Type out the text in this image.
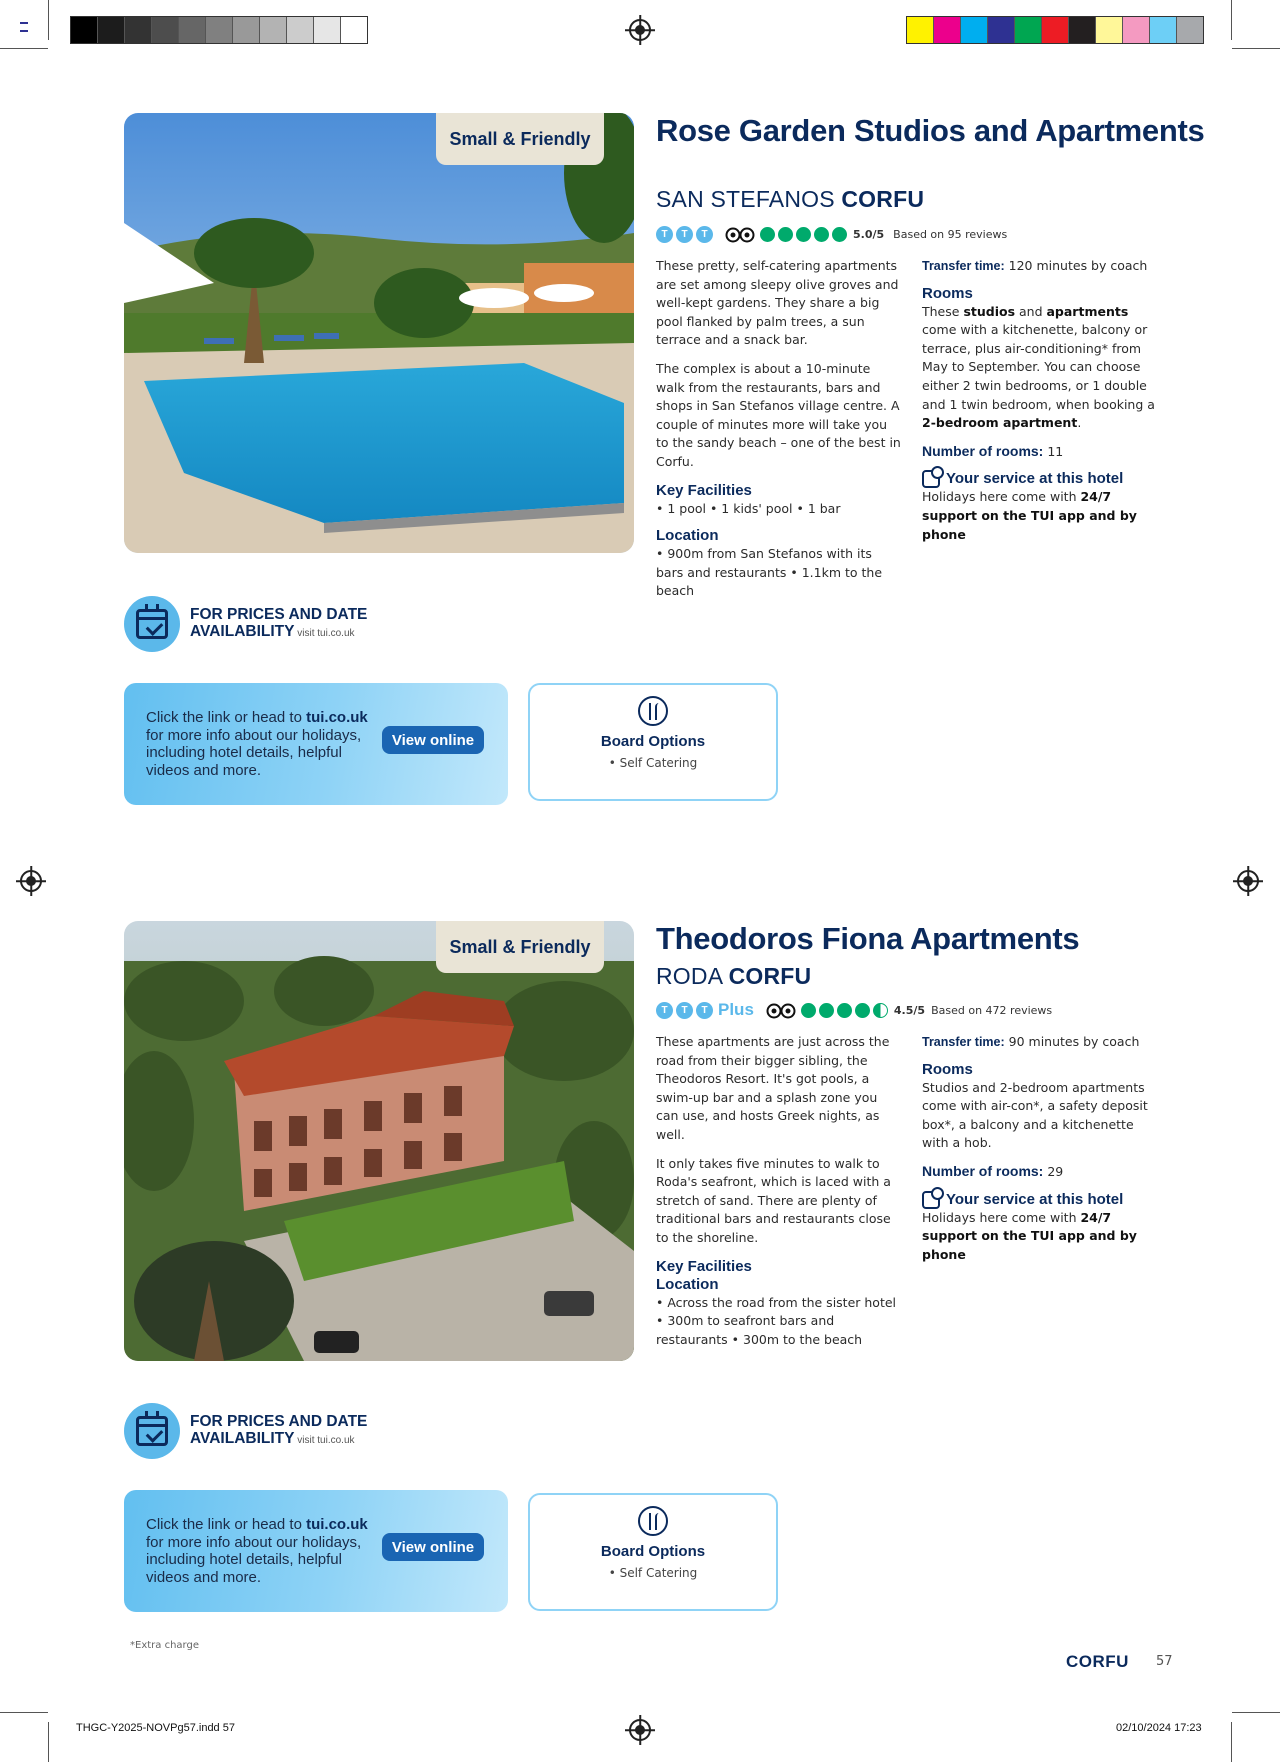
Small & Friendly	Rose Garden Studios and Apartments
SAN STEFANOS CORFU
T	T	T	5.0/5 Based on 95 reviews

These pretty, self-catering apartments are set among sleepy olive groves and well-kept gardens. They share a big pool flanked by palm trees, a sun terrace and a snack bar.

The complex is about a 10-minute walk from the restaurants, bars and shops in San Stefanos village centre. A couple of minutes more will take you to the sandy beach – one of the best in Corfu.

Key Facilities
• 1 pool • 1 kids' pool • 1 bar
Location
• 900m from San Stefanos with its bars and restaurants • 1.1km to the beach
Transfer time: 120 minutes by coach
Rooms
These studios and apartments come with a kitchenette, balcony or terrace, plus air-conditioning* from May to September. You can choose either 2 twin bedrooms, or 1 double and 1 twin bedroom, when booking a 2-bedroom apartment.
Number of rooms: 11
Your service at this hotel
Holidays here come with 24/7 support on the TUI app and by phone
FOR PRICES AND DATE
AVAILABILITY visit tui.co.uk
Click the link or head to tui.co.uk for more info about our holidays, including hotel details, helpful videos and more.
View online	Board Options
• Self Catering
Small & Friendly	Theodoros Fiona Apartments
RODA CORFU
T	T	T Plus	4.5/5 Based on 472 reviews

These apartments are just across the road from their bigger sibling, the Theodoros Resort. It's got pools, a swim-up bar and a splash zone you can use, and hosts Greek nights, as well.

It only takes five minutes to walk to Roda's seafront, which is laced with a stretch of sand. There are plenty of traditional bars and restaurants close to the shoreline.

Key Facilities
Location
• Across the road from the sister hotel • 300m to seafront bars and restaurants • 300m to the beach
Transfer time: 90 minutes by coach
Rooms
Studios and 2-bedroom apartments come with air-con*, a safety deposit box*, a balcony and a kitchenette with a hob.
Number of rooms: 29
Your service at this hotel
Holidays here come with 24/7 support on the TUI app and by phone
FOR PRICES AND DATE
AVAILABILITY visit tui.co.uk
Click the link or head to tui.co.uk for more info about our holidays, including hotel details, helpful videos and more.
View online	Board Options
• Self Catering
*Extra charge
CORFU 57
THGC-Y2025-NOVPg57.indd 57	02/10/2024 17:23
